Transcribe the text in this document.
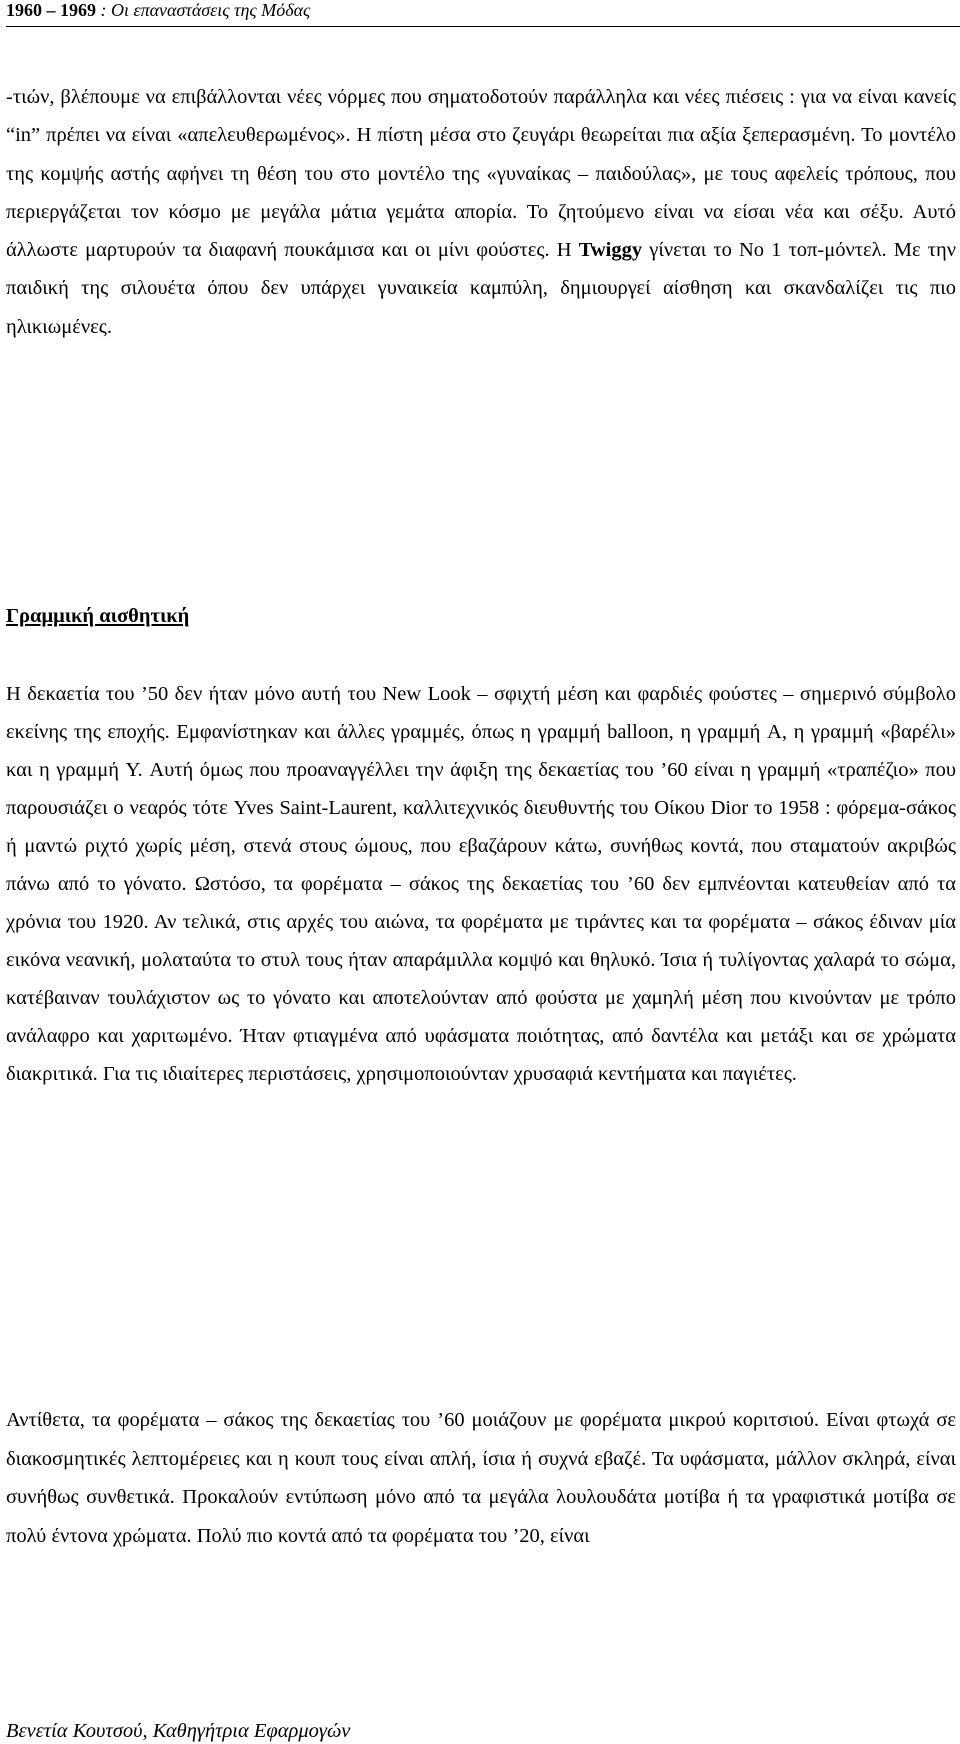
1960 – 1969 : Οι επαναστάσεις της Μόδας

-τιών, βλέπουμε να επιβάλλονται νέες νόρμες που σηματοδοτούν παράλληλα και νέες πιέσεις : για να είναι κανείς “in” πρέπει να είναι «απελευθερωμένος». Η πίστη μέσα στο ζευγάρι θεωρείται πια αξία ξεπερασμένη. Το μοντέλο της κομψής αστής αφήνει τη θέση του στο μοντέλο της «γυναίκας – παιδούλας», με τους αφελείς τρόπους, που περιεργάζεται τον κόσμο με μεγάλα μάτια γεμάτα απορία. Το ζητούμενο είναι να είσαι νέα και σέξυ. Αυτό άλλωστε μαρτυρούν τα διαφανή πουκάμισα και οι μίνι φούστες. Η Twiggy γίνεται το Νο 1 τοπ-μόντελ. Με την παιδική της σιλουέτα όπου δεν υπάρχει γυναικεία καμπύλη, δημιουργεί αίσθηση και σκανδαλίζει τις πιο ηλικιωμένες.

Γραμμική αισθητική

Η δεκαετία του ’50 δεν ήταν μόνο αυτή του New Look – σφιχτή μέση και φαρδιές φούστες – σημερινό σύμβολο εκείνης της εποχής. Εμφανίστηκαν και άλλες γραμμές, όπως η γραμμή balloon, η γραμμή A, η γραμμή «βαρέλι» και η γραμμή Y. Αυτή όμως που προαναγγέλλει την άφιξη της δεκαετίας του ’60 είναι η γραμμή «τραπέζιο» που παρουσιάζει ο νεαρός τότε Yves Saint-Laurent, καλλιτεχνικός διευθυντής του Οίκου Dior το 1958 : φόρεμα-σάκος ή μαντώ ριχτό χωρίς μέση, στενά στους ώμους, που εβαζάρουν κάτω, συνήθως κοντά, που σταματούν ακριβώς πάνω από το γόνατο. Ωστόσο, τα φορέματα – σάκος της δεκαετίας του ’60 δεν εμπνέονται κατευθείαν από τα χρόνια του 1920. Αν τελικά, στις αρχές του αιώνα, τα φορέματα με τιράντες και τα φορέματα – σάκος έδιναν μία εικόνα νεανική, μολαταύτα το στυλ τους ήταν απαράμιλλα κομψό και θηλυκό. Ίσια ή τυλίγοντας χαλαρά το σώμα, κατέβαιναν τουλάχιστον ως το γόνατο και αποτελούνταν από φούστα με χαμηλή μέση που κινούνταν με τρόπο ανάλαφρο και χαριτωμένο. Ήταν φτιαγμένα από υφάσματα ποιότητας, από δαντέλα και μετάξι και σε χρώματα διακριτικά. Για τις ιδιαίτερες περιστάσεις, χρησιμοποιούνταν χρυσαφιά κεντήματα και παγιέτες.

Αντίθετα, τα φορέματα – σάκος της δεκαετίας του ’60 μοιάζουν με φορέματα μικρού κοριτσιού. Είναι φτωχά σε διακοσμητικές λεπτομέρειες και η κουπ τους είναι απλή, ίσια ή συχνά εβαζέ. Τα υφάσματα, μάλλον σκληρά, είναι συνήθως συνθετικά. Προκαλούν εντύπωση μόνο από τα μεγάλα λουλουδάτα μοτίβα ή τα γραφιστικά μοτίβα σε πολύ έντονα χρώματα. Πολύ πιο κοντά από τα φορέματα του ’20, είναι

Βενετία Κουτσού, Καθηγήτρια Εφαρμογών
